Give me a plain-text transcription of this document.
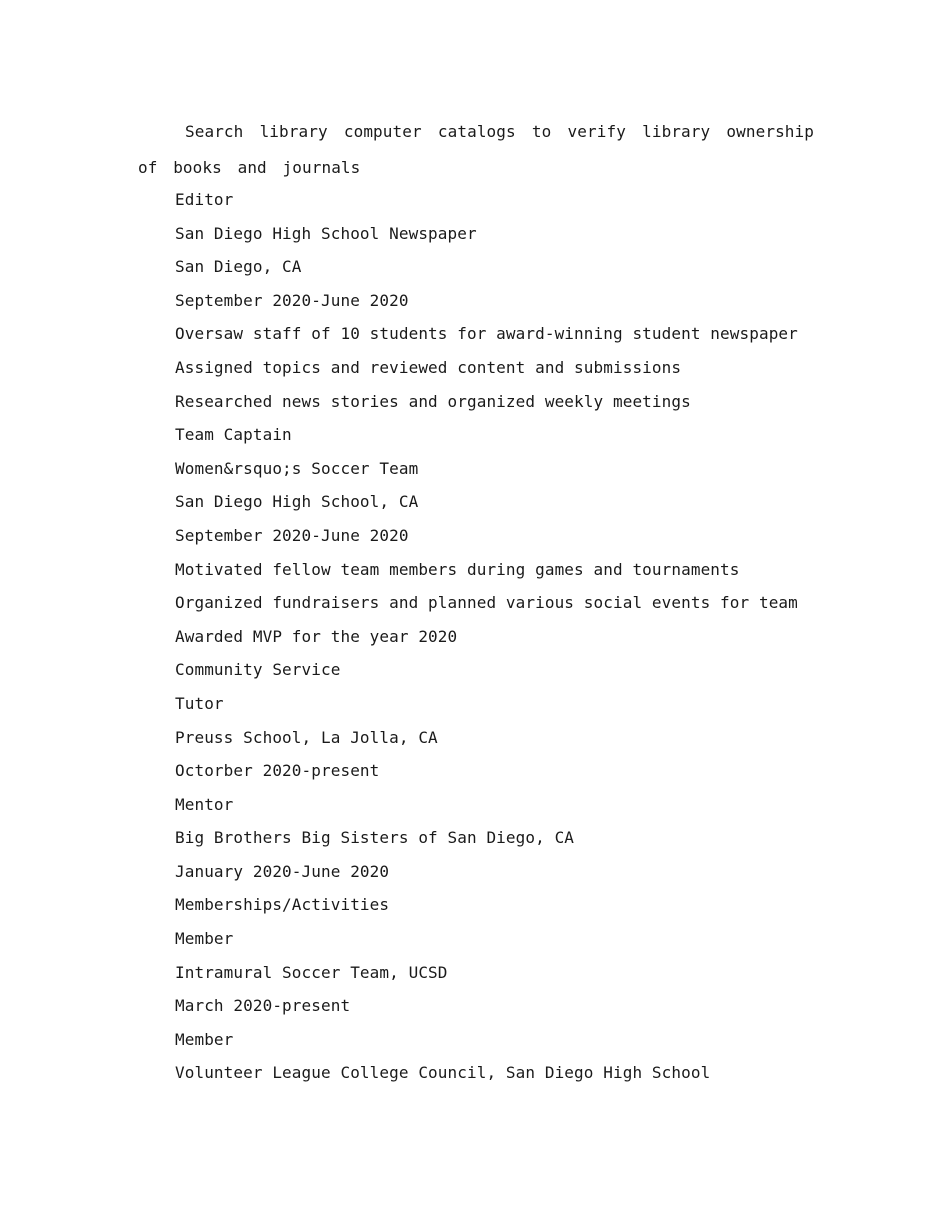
Search library computer catalogs to verify library ownership of books and journals

Editor
San Diego High School Newspaper
San Diego, CA
September 2020-June 2020
Oversaw staff of 10 students for award-winning student newspaper
Assigned topics and reviewed content and submissions
Researched news stories and organized weekly meetings
Team Captain
Women&rsquo;s Soccer Team
San Diego High School, CA
September 2020-June 2020
Motivated fellow team members during games and tournaments
Organized fundraisers and planned various social events for team
Awarded MVP for the year 2020
Community Service
Tutor
Preuss School, La Jolla, CA
Octorber 2020-present
Mentor
Big Brothers Big Sisters of San Diego, CA
January 2020-June 2020
Memberships/Activities
Member
Intramural Soccer Team, UCSD
March 2020-present
Member
Volunteer League College Council, San Diego High School
